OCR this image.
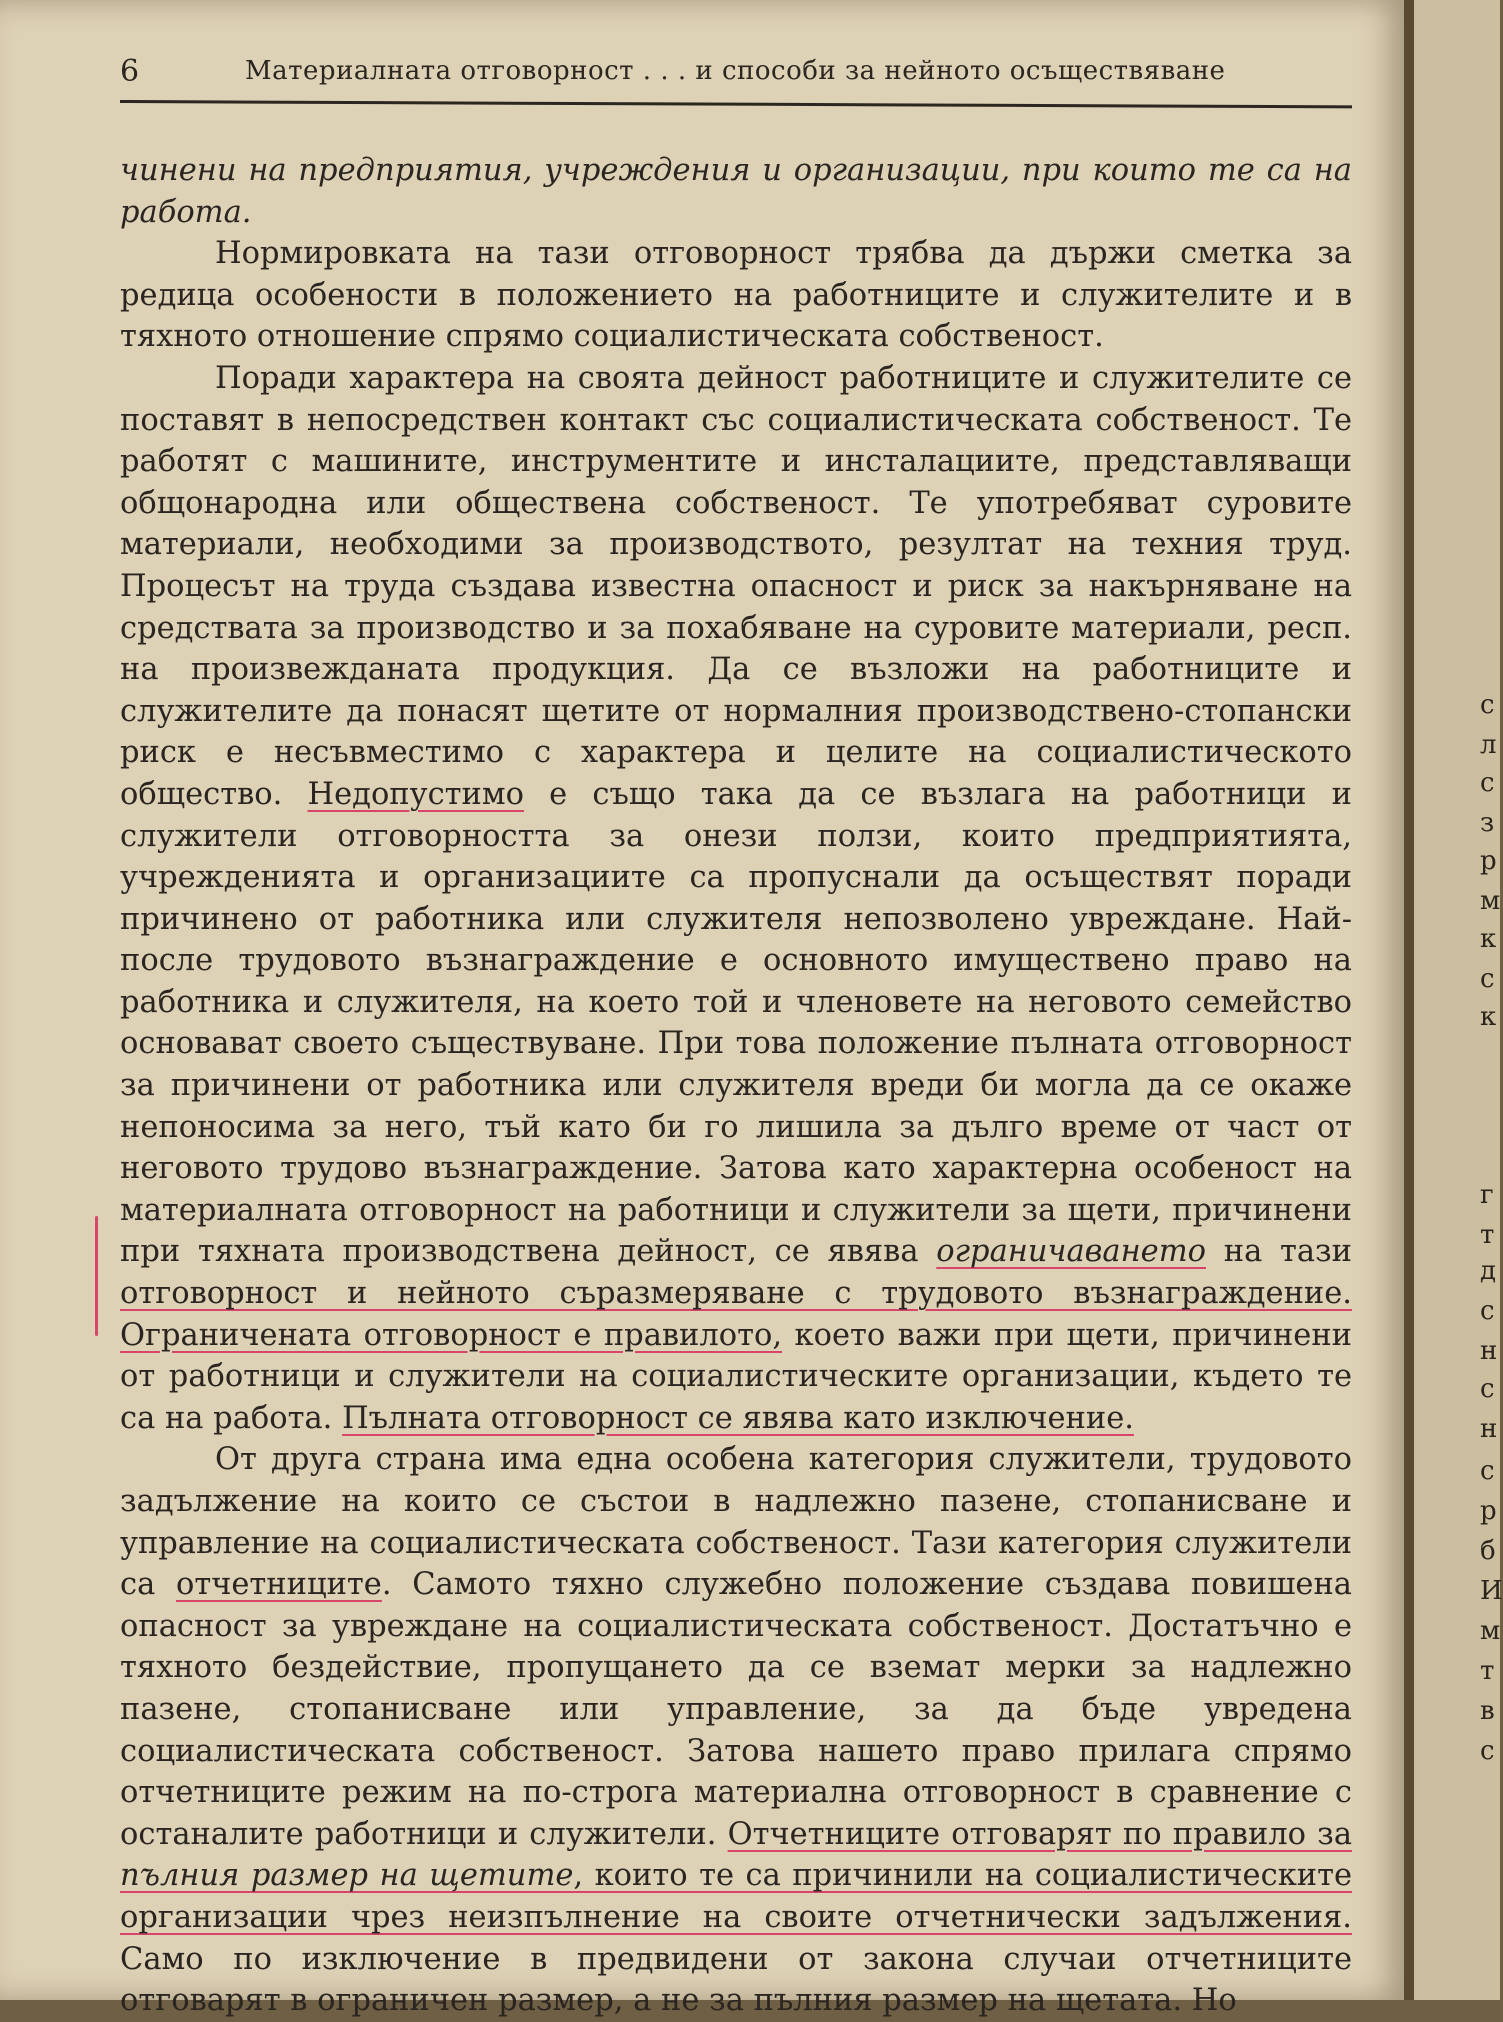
6	Материалната отговорност . . . и способи за нейното осъществяване

чинени на предприятия, учреждения и организации, при които те са на работа.

Нормировката на тази отговорност трябва да държи сметка за редица особености в положението на работниците и служителите и в тяхното отношение спрямо социалистическата собственост.

Поради характера на своята дейност работниците и служителите се поставят в непосредствен контакт със социалистическата собственост. Те работят с машините, инструментите и инсталациите, представляващи общонародна или обществена собственост. Те употребяват суровите материали, необходими за производството, резултат на техния труд. Процесът на труда създава известна опасност и риск за накърняване на средствата за производство и за похабяване на суровите материали, респ. на произвежданата продукция. Да се възложи на работниците и служителите да понасят щетите от нормалния производствено-стопански риск е несъвместимо с характера и целите на социалистическото общество. Недопустимо е също така да се възлага на работници и служители отговорността за онези ползи, които предприятията, учрежденията и организациите са пропуснали да осъществят поради причинено от работника или служителя непозволено увреждане. Най-после трудовото възнаграждение е основното имуществено право на работника и служителя, на което той и членовете на неговото семейство основават своето съществуване. При това положение пълната отговорност за причинени от работника или служителя вреди би могла да се окаже непоносима за него, тъй като би го лишила за дълго време от част от неговото трудово възнаграждение. Затова като характерна особеност на материалната отговорност на работници и служители за щети, причинени при тяхната производствена дейност, се явява ограничаването на тази отговорност и нейното съразмеряване с трудовото възнаграждение. Ограничената отговорност е правилото, което важи при щети, причинени от работници и служители на социалистическите организации, където те са на работа. Пълната отговорност се явява като изключение.

От друга страна има една особена категория служители, трудовото задължение на които се състои в надлежно пазене, стопанисване и управление на социалистическата собственост. Тази категория служители са отчетниците. Самото тяхно служебно положение създава повишена опасност за увреждане на социалистическата собственост. Достатъчно е тяхното бездействие, пропущането да се вземат мерки за надлежно пазене, стопанисване или управление, за да бъде увредена социалистическата собственост. Затова нашето право прилага спрямо отчетниците режим на по-строга материална отговорност в сравнение с останалите работници и служители. Отчетниците отговарят по правило за пълния размер на щетите, които те са причинили на социалистическите организации чрез неизпълнение на своите отчетнически задължения. Само по изключение в предвидени от закона случаи отчетниците отговарят в ограничен размер, а не за пълния размер на щетата. Но

с
л
с
з
р
м
к
с
к
г
т
д
с
н
с
н
с
р
б
И
м
т
в
с
